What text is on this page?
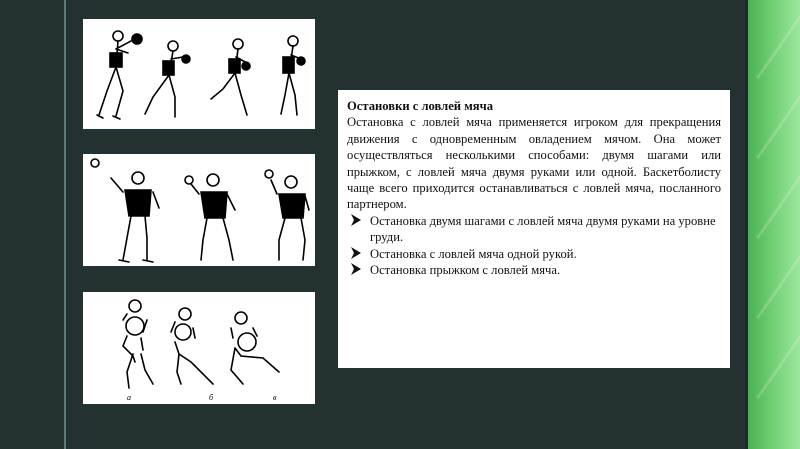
а	б	в
Остановки с ловлей мяча
Остановка с ловлей мяча применяется игроком для прекращения движения с одновременным овладением мячом. Она может осуществляться несколькими способами: двумя шагами или прыжком, с ловлей мяча двумя руками или одной. Баскетболисту чаще всего приходится останавливаться с ловлей мяча, посланного партнером.
Остановка двумя шагами с ловлей мяча двумя руками на уровне груди.
Остановка с ловлей мяча одной рукой.
Остановка прыжком с ловлей мяча.
